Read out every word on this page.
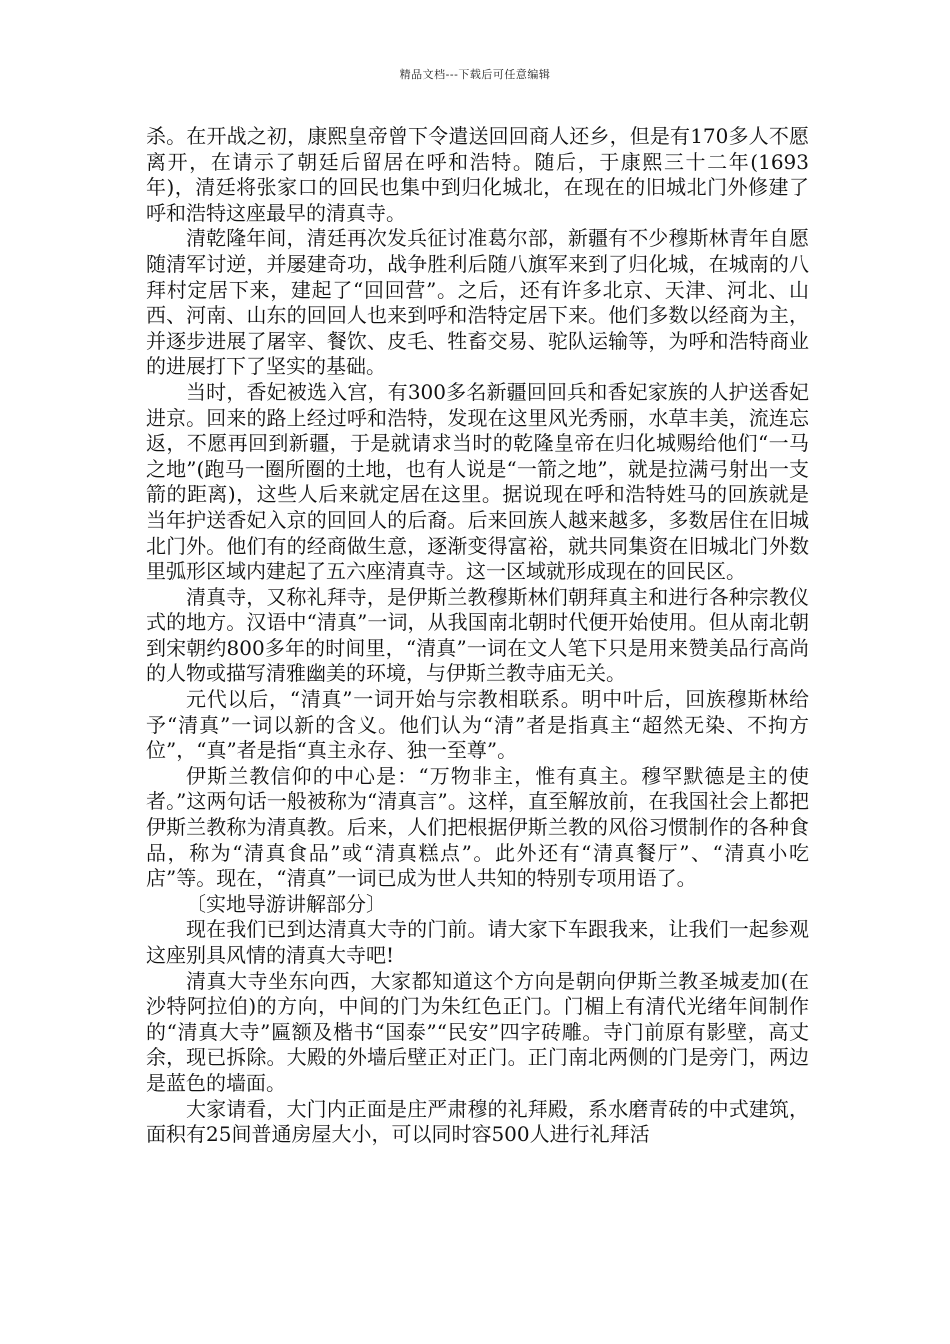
精品文档---下载后可任意编辑

杀。在开战之初，康熙皇帝曾下令遣送回回商人还乡，但是有170多人不愿离开，在请示了朝廷后留居在呼和浩特。随后，于康熙三十二年(1693年)，清廷将张家口的回民也集中到归化城北，在现在的旧城北门外修建了呼和浩特这座最早的清真寺。

清乾隆年间，清廷再次发兵征讨准葛尔部，新疆有不少穆斯林青年自愿随清军讨逆，并屡建奇功，战争胜利后随八旗军来到了归化城，在城南的八拜村定居下来，建起了“回回营”。之后，还有许多北京、天津、河北、山西、河南、山东的回回人也来到呼和浩特定居下来。他们多数以经商为主，并逐步进展了屠宰、餐饮、皮毛、牲畜交易、驼队运输等，为呼和浩特商业的进展打下了坚实的基础。

当时，香妃被选入宫，有300多名新疆回回兵和香妃家族的人护送香妃进京。回来的路上经过呼和浩特，发现在这里风光秀丽，水草丰美，流连忘返，不愿再回到新疆，于是就请求当时的乾隆皇帝在归化城赐给他们“一马之地”(跑马一圈所圈的土地，也有人说是“一箭之地”，就是拉满弓射出一支箭的距离)，这些人后来就定居在这里。据说现在呼和浩特姓马的回族就是当年护送香妃入京的回回人的后裔。后来回族人越来越多，多数居住在旧城北门外。他们有的经商做生意，逐渐变得富裕，就共同集资在旧城北门外数里弧形区域内建起了五六座清真寺。这一区域就形成现在的回民区。

清真寺，又称礼拜寺，是伊斯兰教穆斯林们朝拜真主和进行各种宗教仪式的地方。汉语中“清真”一词，从我国南北朝时代便开始使用。但从南北朝到宋朝约800多年的时间里，“清真”一词在文人笔下只是用来赞美品行高尚的人物或描写清雅幽美的环境，与伊斯兰教寺庙无关。

元代以后，“清真”一词开始与宗教相联系。明中叶后，回族穆斯林给予“清真”一词以新的含义。他们认为“清”者是指真主“超然无染、不拘方位”，“真”者是指“真主永存、独一至尊”。

伊斯兰教信仰的中心是：“万物非主，惟有真主。穆罕默德是主的使者。”这两句话一般被称为“清真言”。这样，直至解放前，在我国社会上都把伊斯兰教称为清真教。后来，人们把根据伊斯兰教的风俗习惯制作的各种食品，称为“清真食品”或“清真糕点”。此外还有“清真餐厅”、“清真小吃店”等。现在，“清真”一词已成为世人共知的特别专项用语了。

〔实地导游讲解部分〕

现在我们已到达清真大寺的门前。请大家下车跟我来，让我们一起参观这座别具风情的清真大寺吧!

清真大寺坐东向西，大家都知道这个方向是朝向伊斯兰教圣城麦加(在沙特阿拉伯)的方向，中间的门为朱红色正门。门楣上有清代光绪年间制作的“清真大寺”匾额及楷书“国泰”“民安”四字砖雕。寺门前原有影壁，高丈余，现已拆除。大殿的外墙后壁正对正门。正门南北两侧的门是旁门，两边是蓝色的墙面。

大家请看，大门内正面是庄严肃穆的礼拜殿，系水磨青砖的中式建筑，面积有25间普通房屋大小，可以同时容500人进行礼拜活
